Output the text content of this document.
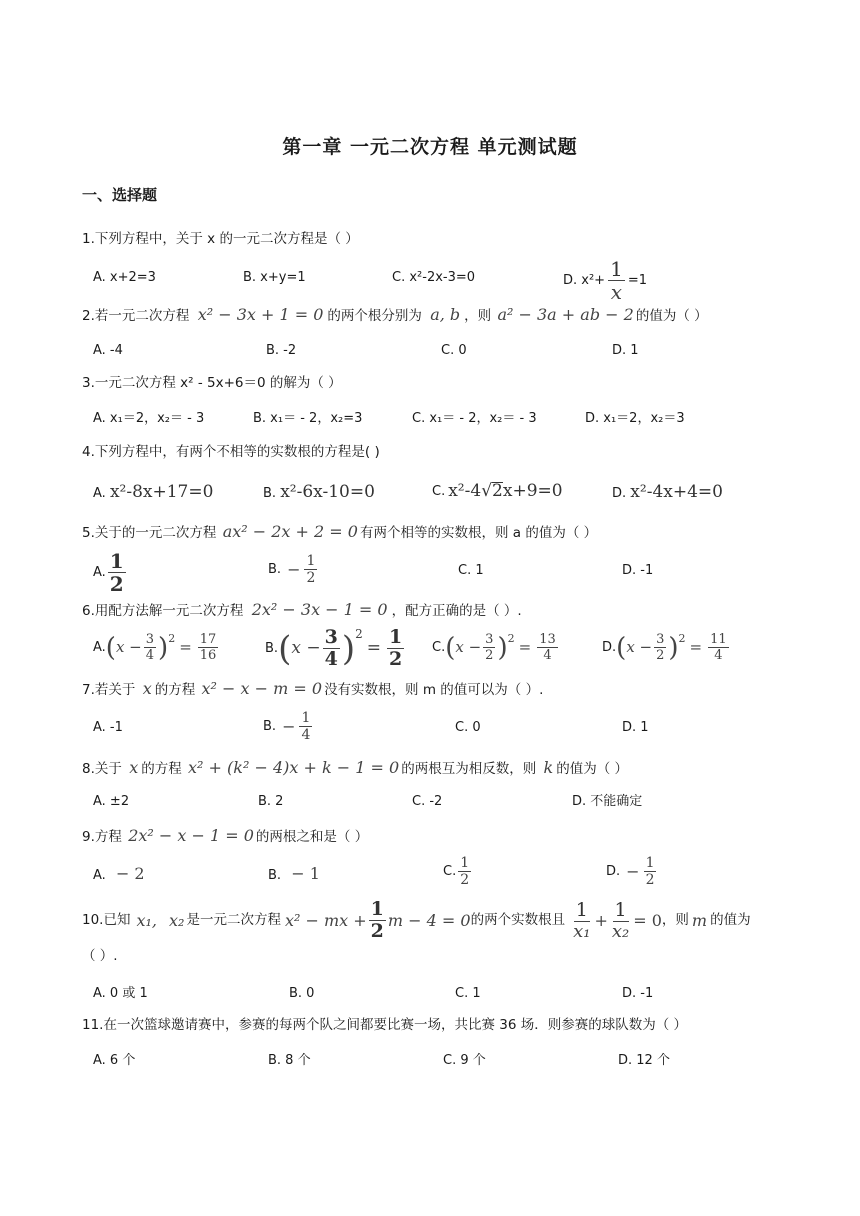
第一章 一元二次方程 单元测试题
一、选择题
1.下列方程中，关于 x 的一元二次方程是（ ）
A. x+2=3	B. x+y=1	C. x²-2x-3=0	D. $x^2+ \frac{1}{x} =1$
2.若一元二次方程 x² − 3x + 1 = 0 的两个根分别为 a, b ，则 a² − 3a + ab − 2 的值为（ ）
A. -4	B. -2	C. 0	D. 1
3.一元二次方程 x² - 5x+6＝0 的解为（ ）
A. x₁＝2，x₂＝ - 3	B. x₁＝ - 2，x₂=3	C. x₁＝ - 2，x₂＝ - 3	D. x₁＝2，x₂＝3
4.下列方程中，有两个不相等的实数根的方程是( )
A. x²-8x+17=0	B. x²-6x-10=0	C. x²-4 √ 2 x+9=0	D. x²-4x+4=0
5.关于的一元二次方程 ax² − 2x + 2 = 0 有两个相等的实数根，则 a 的值为（ ）
A. $\frac{1}{2}$	B. − $\frac{1}{2}$	C. 1	D. -1
6.用配方法解一元二次方程 2x² − 3x − 1 = 0 ，配方正确的是（ ）.
A. ( $x - \frac{3}{4}$ ) $2 = \frac{17}{16}$	B. ( $x - \frac{3}{4}$ ) 2
= $\frac{1}{2} C$. ( $x - \frac{3}{2}$ ) $2 = \frac{13}{4}$	D. ( $x - \frac{3}{2}$ ) $2 = \frac{11}{4}$
7.若关于 x 的方程 x² − x − m = 0 没有实数根，则 m 的值可以为（ ）.
A. -1	B. − $\frac{1}{4}$	C. 0	D. 1
8.关于 x 的方程 x² + (k² − 4)x + k − 1 = 0 的两根互为相反数，则 k 的值为（ ）
A. ±2	B. 2	C. -2	D. 不能确定
9.方程 2x² − x − 1 = 0 的两根之和是（ ）
A. − 2	B. − 1	C. $\frac{1}{2}$	D. − $\frac{1}{2}$
10.已知 x₁, x₂ 是一元二次方程 x² − mx + $\frac{1}{2}$ m − 4 = 0 的两个实数根且 $\frac{1}{\text{x₁}} + \frac{1}{\text{x₂}} = 0$ ，则 m 的值为
（ ）.
A. 0 或 1	B. 0	C. 1	D. -1
11.在一次篮球邀请赛中，参赛的每两个队之间都要比赛一场，共比赛 36 场．则参赛的球队数为（ ）
A. 6 个	B. 8 个	C. 9 个	D. 12 个
